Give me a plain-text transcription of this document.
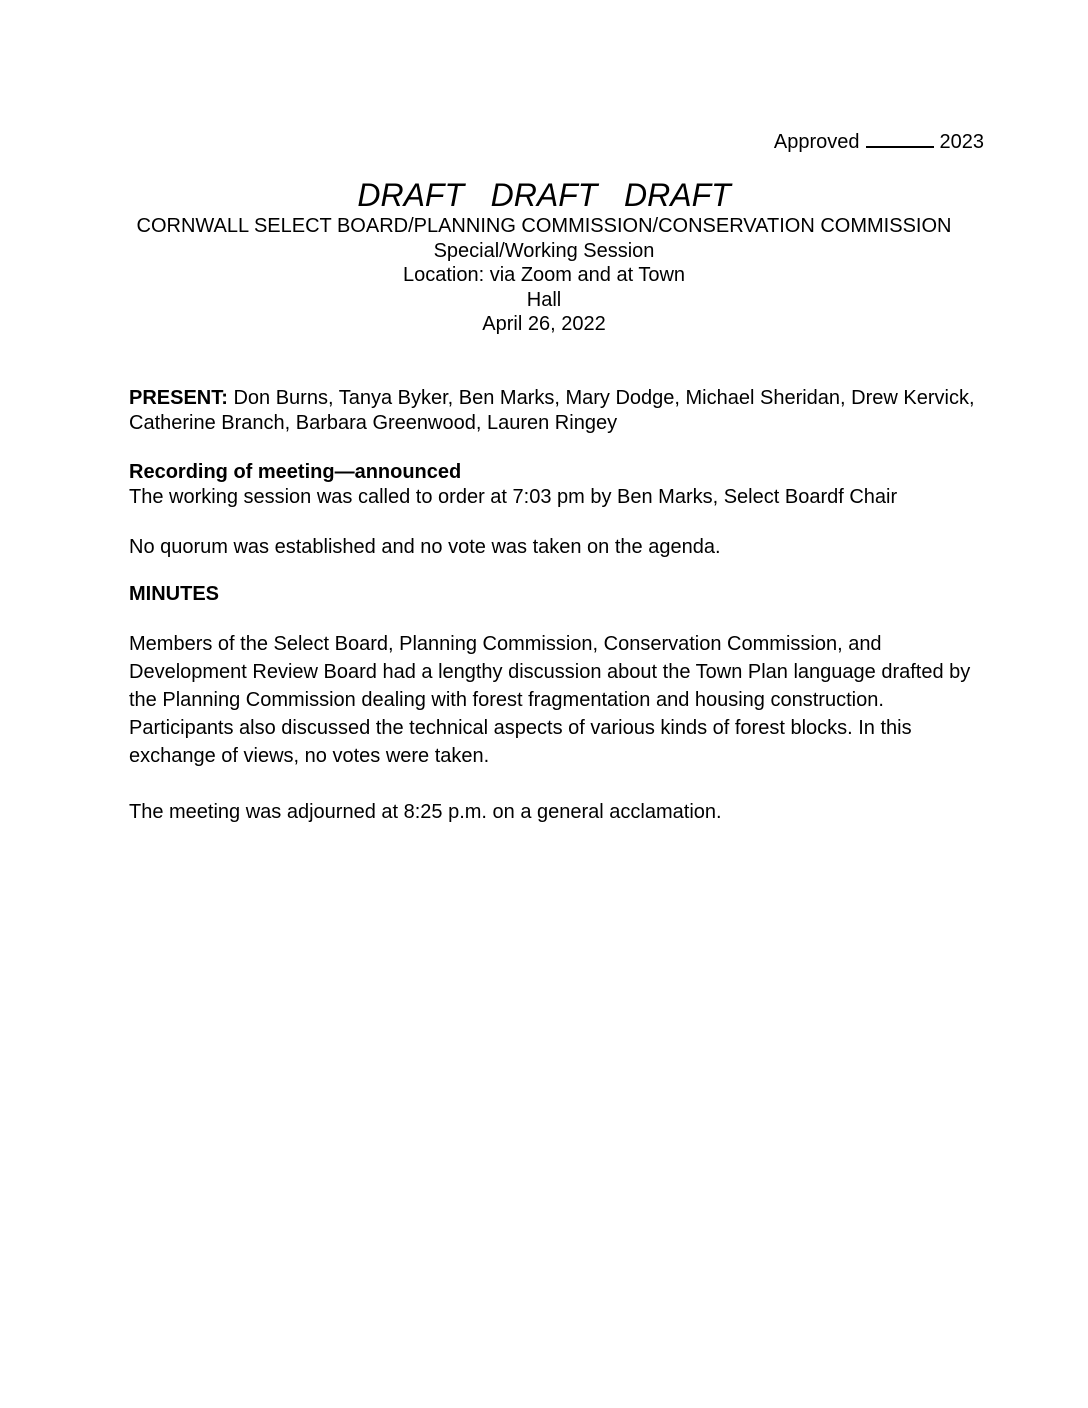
Approved	2023
DRAFT   DRAFT   DRAFT
CORNWALL SELECT BOARD/PLANNING COMMISSION/CONSERVATION COMMISSION
Special/Working Session
Location: via Zoom and at Town
Hall
April 26, 2022
PRESENT: Don Burns, Tanya Byker, Ben Marks, Mary Dodge, Michael Sheridan, Drew Kervick, Catherine Branch, Barbara Greenwood, Lauren Ringey
Recording of meeting—announced
The working session was called to order at 7:03 pm by Ben Marks, Select Boardf Chair
No quorum was established and no vote was taken on the agenda.
MINUTES
Members of the Select Board, Planning Commission, Conservation Commission, and Development Review Board had a lengthy discussion about the Town Plan language drafted by the Planning Commission dealing with forest fragmentation and housing construction. Participants also discussed the technical aspects of various kinds of forest blocks. In this exchange of views, no votes were taken.
The meeting was adjourned at 8:25 p.m. on a general acclamation.
